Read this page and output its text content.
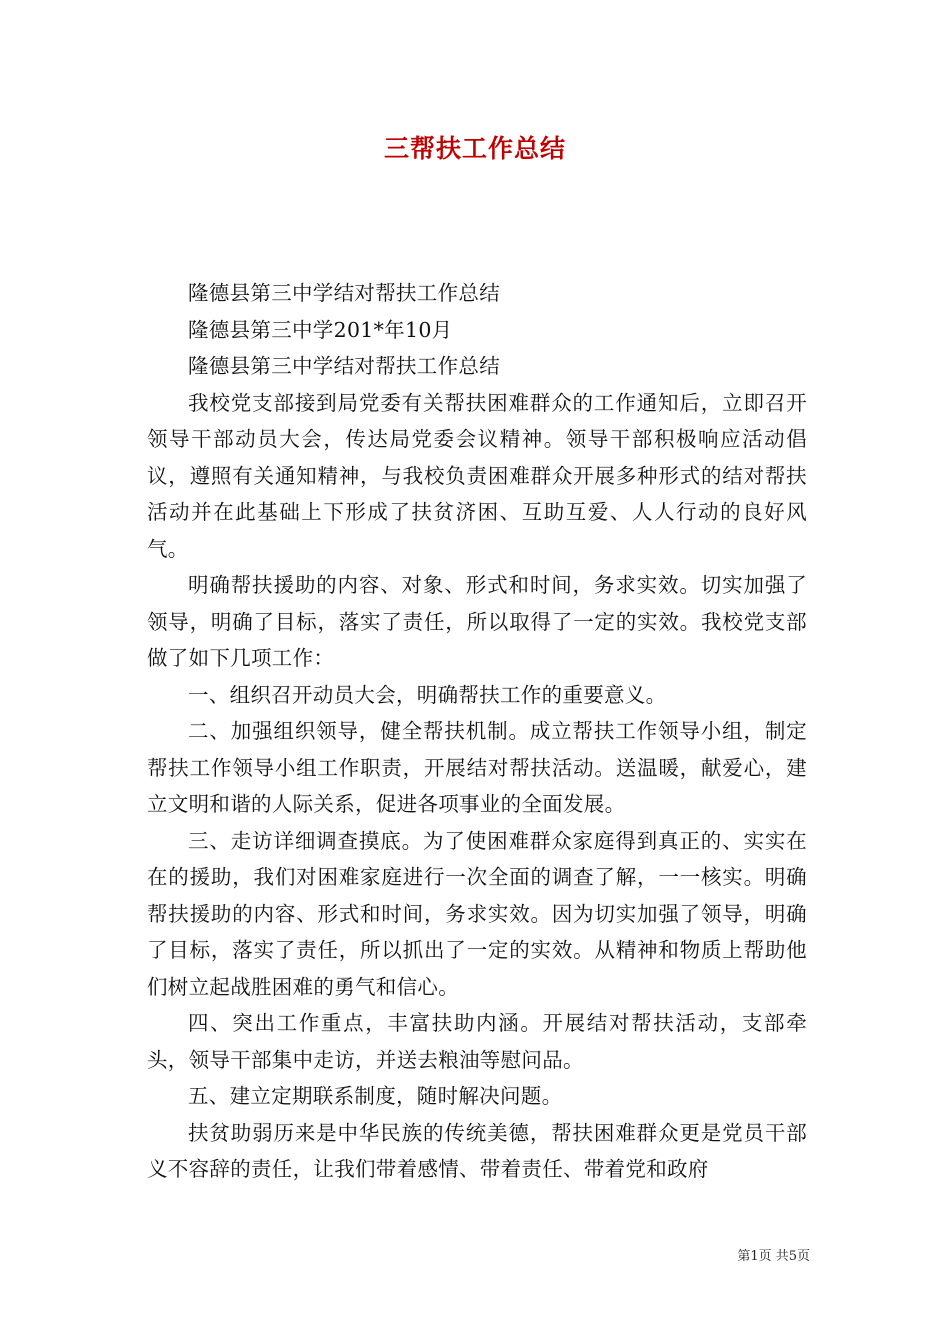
三帮扶工作总结

隆德县第三中学结对帮扶工作总结

隆德县第三中学201*年10月

隆德县第三中学结对帮扶工作总结

我校党支部接到局党委有关帮扶困难群众的工作通知后，立即召开领导干部动员大会，传达局党委会议精神。领导干部积极响应活动倡议，遵照有关通知精神，与我校负责困难群众开展多种形式的结对帮扶活动并在此基础上下形成了扶贫济困、互助互爱、人人行动的良好风气。

明确帮扶援助的内容、对象、形式和时间，务求实效。切实加强了领导，明确了目标，落实了责任，所以取得了一定的实效。我校党支部做了如下几项工作：

一、组织召开动员大会，明确帮扶工作的重要意义。

二、加强组织领导，健全帮扶机制。成立帮扶工作领导小组，制定帮扶工作领导小组工作职责，开展结对帮扶活动。送温暖，献爱心，建立文明和谐的人际关系，促进各项事业的全面发展。

三、走访详细调查摸底。为了使困难群众家庭得到真正的、实实在在的援助，我们对困难家庭进行一次全面的调查了解，一一核实。明确帮扶援助的内容、形式和时间，务求实效。因为切实加强了领导，明确了目标，落实了责任，所以抓出了一定的实效。从精神和物质上帮助他们树立起战胜困难的勇气和信心。

四、突出工作重点，丰富扶助内涵。开展结对帮扶活动，支部牵头，领导干部集中走访，并送去粮油等慰问品。

五、建立定期联系制度，随时解决问题。

扶贫助弱历来是中华民族的传统美德，帮扶困难群众更是党员干部义不容辞的责任，让我们带着感情、带着责任、带着党和政府

第1页 共5页
